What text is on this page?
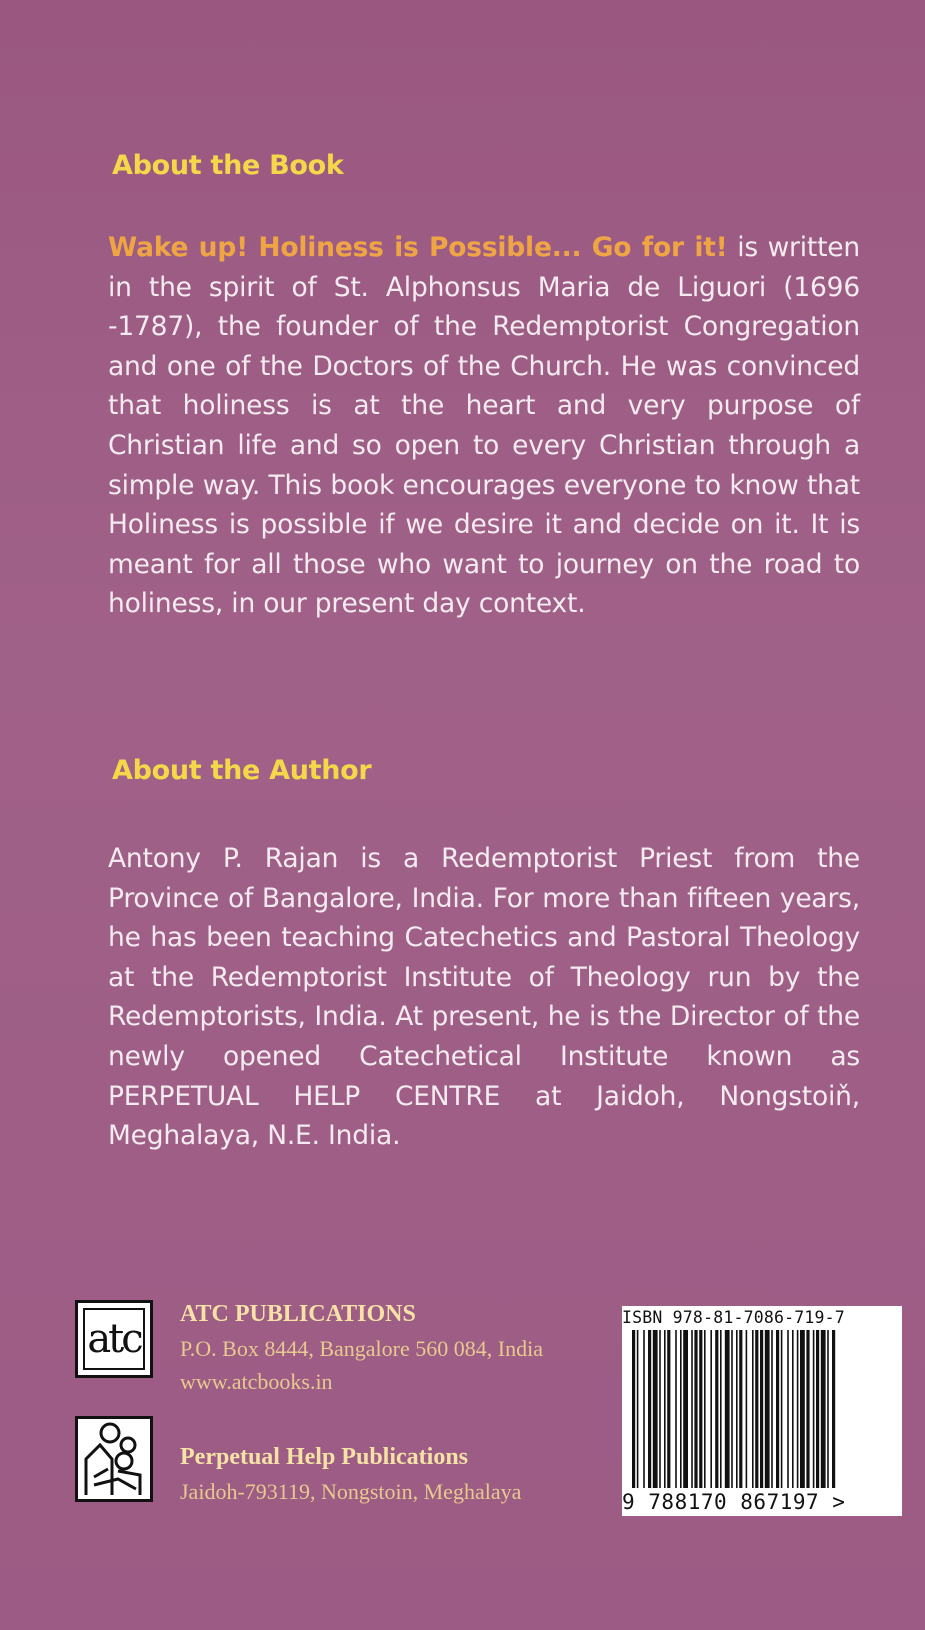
About the Book
Wake up! Holiness is Possible... Go for it! is written in the spirit of St. Alphonsus Maria de Liguori (1696 -1787), the founder of the Redemptorist Congregation and one of the Doctors of the Church. He was convinced that holiness is at the heart and very purpose of Christian life and so open to every Christian through a simple way. This book encourages everyone to know that Holiness is possible if we desire it and decide on it. It is meant for all those who want to journey on the road to holiness, in our present day context.
About the Author
Antony P. Rajan is a Redemptorist Priest from the Province of Bangalore, India. For more than fifteen years, he has been teaching Catechetics and Pastoral Theology at the Redemptorist Institute of Theology run by the Redemptorists, India. At present, he is the Director of the newly opened Catechetical Institute known as PERPETUAL HELP CENTRE at Jaidoh, Nongstoiň, Meghalaya, N.E. India.
atc
ATC PUBLICATIONS
P.O. Box 8444, Bangalore 560 084, India
www.atcbooks.in
Perpetual Help Publications
Jaidoh-793119, Nongstoin, Meghalaya
ISBN 978-81-7086-719-7
9 788170 867197 >
